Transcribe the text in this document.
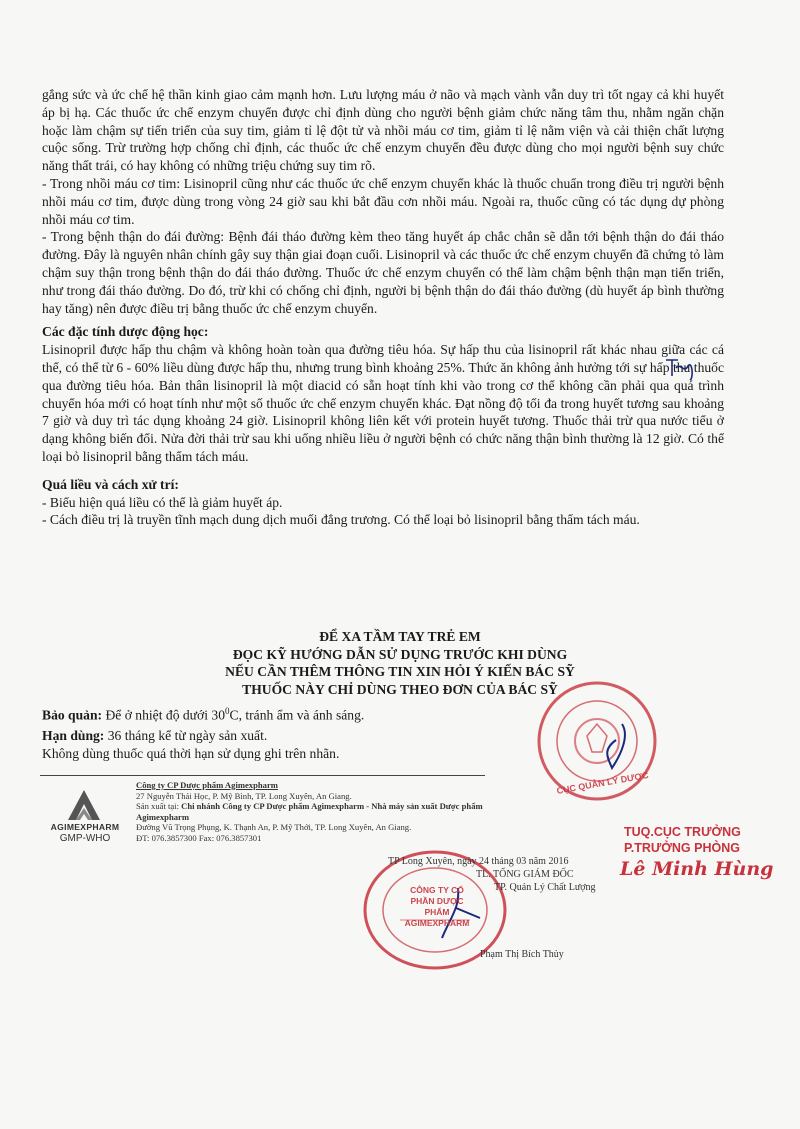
gắng sức và ức chế hệ thần kinh giao cảm mạnh hơn. Lưu lượng máu ở não và mạch vành vẫn duy trì tốt ngay cả khi huyết áp bị hạ. Các thuốc ức chế enzym chuyển được chỉ định dùng cho người bệnh giảm chức năng tâm thu, nhằm ngăn chặn hoặc làm chậm sự tiến triển của suy tim, giảm tỉ lệ đột tử và nhồi máu cơ tim, giảm tỉ lệ nằm viện và cải thiện chất lượng cuộc sống. Trừ trường hợp chống chỉ định, các thuốc ức chế enzym chuyển đều được dùng cho mọi người bệnh suy chức năng thất trái, có hay không có những triệu chứng suy tim rõ.

- Trong nhồi máu cơ tim: Lisinopril cũng như các thuốc ức chế enzym chuyển khác là thuốc chuẩn trong điều trị người bệnh nhồi máu cơ tim, được dùng trong vòng 24 giờ sau khi bắt đầu cơn nhồi máu. Ngoài ra, thuốc cũng có tác dụng dự phòng nhồi máu cơ tim.

- Trong bệnh thận do đái đường: Bệnh đái tháo đường kèm theo tăng huyết áp chắc chắn sẽ dẫn tới bệnh thận do đái tháo đường. Đây là nguyên nhân chính gây suy thận giai đoạn cuối. Lisinopril và các thuốc ức chế enzym chuyển đã chứng tỏ làm chậm suy thận trong bệnh thận do đái tháo đường. Thuốc ức chế enzym chuyển có thể làm chậm bệnh thận mạn tiến triển, như trong đái tháo đường. Do đó, trừ khi có chống chỉ định, người bị bệnh thận do đái tháo đường (dù huyết áp bình thường hay tăng) nên được điều trị bằng thuốc ức chế enzym chuyển.

Các đặc tính dược động học:

Lisinopril được hấp thu chậm và không hoàn toàn qua đường tiêu hóa. Sự hấp thu của lisinopril rất khác nhau giữa các cá thể, có thể từ 6 - 60% liều dùng được hấp thu, nhưng trung bình khoảng 25%. Thức ăn không ảnh hưởng tới sự hấp thu thuốc qua đường tiêu hóa. Bản thân lisinopril là một diacid có sẵn hoạt tính khi vào trong cơ thể không cần phải qua quá trình chuyển hóa mới có hoạt tính như một số thuốc ức chế enzym chuyển khác. Đạt nồng độ tối đa trong huyết tương sau khoảng 7 giờ và duy trì tác dụng khoảng 24 giờ. Lisinopril không liên kết với protein huyết tương. Thuốc thải trừ qua nước tiểu ở dạng không biến đổi. Nửa đời thải trừ sau khi uống nhiều liều ở người bệnh có chức năng thận bình thường là 12 giờ. Có thể loại bỏ lisinopril bằng thẩm tách máu.

Quá liều và cách xử trí:

- Biểu hiện quá liều có thể là giảm huyết áp.

- Cách điều trị là truyền tĩnh mạch dung dịch muối đẳng trương. Có thể loại bỏ lisinopril bằng thẩm tách máu.

ĐỂ XA TẦM TAY TRẺ EM
ĐỌC KỸ HƯỚNG DẪN SỬ DỤNG TRƯỚC KHI DÙNG
NẾU CẦN THÊM THÔNG TIN XIN HỎI Ý KIẾN BÁC SỸ
THUỐC NÀY CHỈ DÙNG THEO ĐƠN CỦA BÁC SỸ
Bảo quản: Để ở nhiệt độ dưới $30^0C$, tránh ẩm và ánh sáng.
Hạn dùng: 36 tháng kể từ ngày sản xuất.
Không dùng thuốc quá thời hạn sử dụng ghi trên nhãn.
AGIMEXPHARM
GMP-WHO
Công ty CP Dược phẩm Agimexpharm
27 Nguyễn Thái Học, P. Mỹ Bình, TP. Long Xuyên, An Giang.
Sản xuất tại: Chi nhánh Công ty CP Dược phẩm Agimexpharm - Nhà máy sản xuất Dược phẩm Agimexpharm
Đường Vũ Trọng Phụng, K. Thạnh An, P. Mỹ Thới, TP. Long Xuyên, An Giang.
ĐT: 076.3857300 Fax: 076.3857301
CỤC QUẢN LÝ DƯỢC
TUQ.CỤC TRƯỞNG
P.TRƯỞNG PHÒNG
Lê Minh Hùng
CÔNG TY CỔ PHẦN DƯỢC PHẨM AGIMEXPHARM
TP Long Xuyên, ngày 24 tháng 03 năm 2016
TL. TỔNG GIÁM ĐỐC
TP. Quản Lý Chất Lượng
Phạm Thị Bích Thủy
